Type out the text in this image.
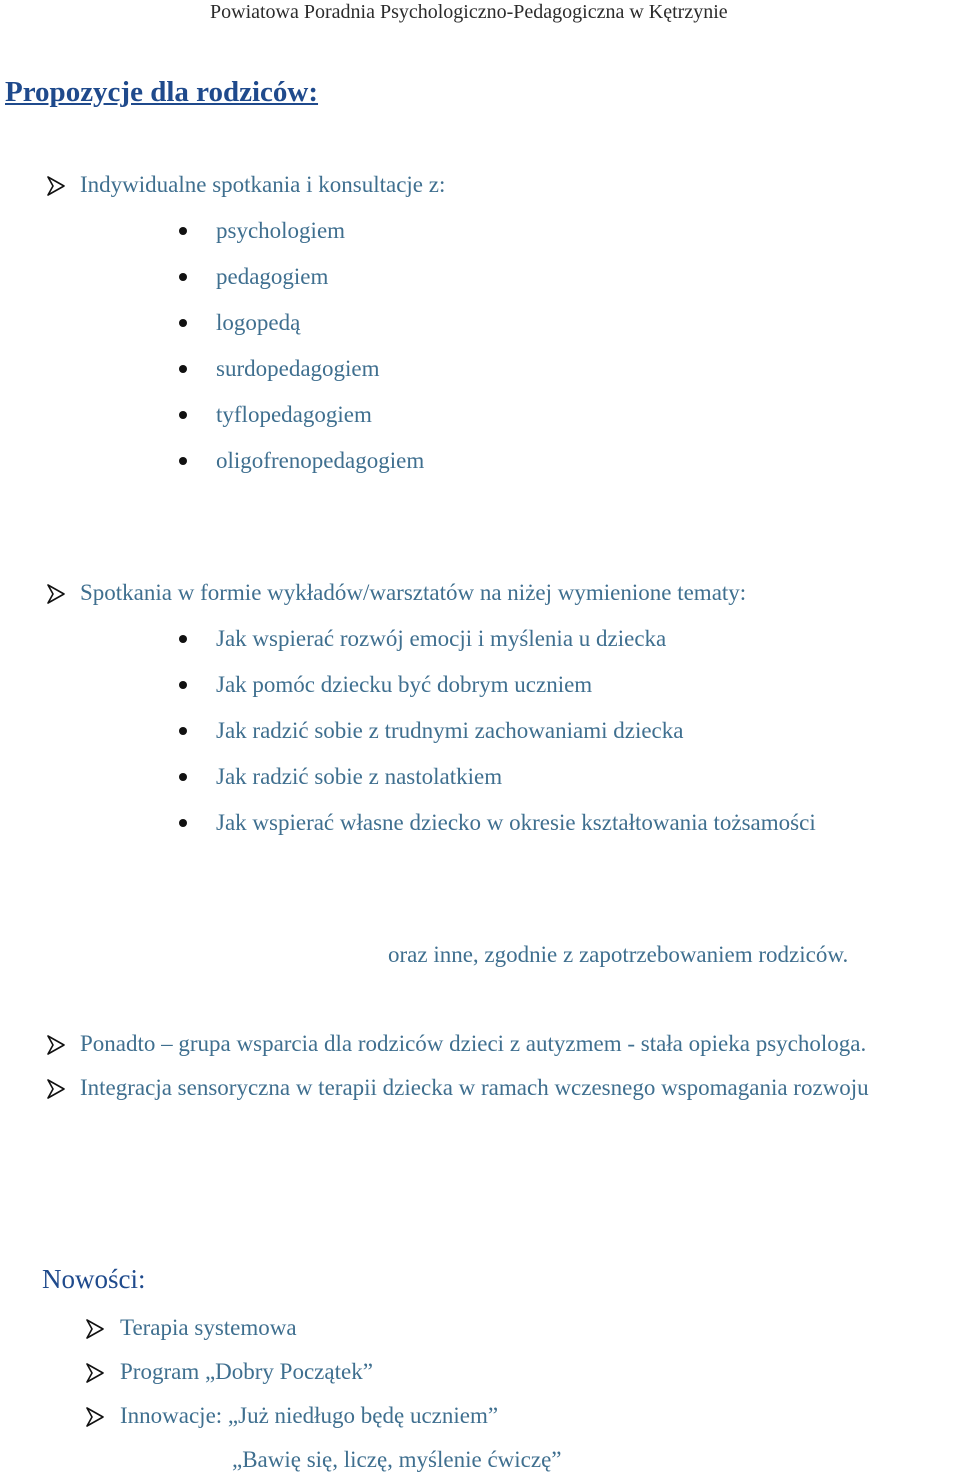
Powiatowa Poradnia Psychologiczno-Pedagogiczna w Kętrzynie
Propozycje dla rodziców:
Indywidualne spotkania i konsultacje z:
psychologiem
pedagogiem
logopedą
surdopedagogiem
tyflopedagogiem
oligofrenopedagogiem
Spotkania w formie wykładów/warsztatów na niżej wymienione tematy:
Jak wspierać rozwój emocji i myślenia u dziecka
Jak pomóc dziecku być dobrym uczniem
Jak radzić sobie z trudnymi zachowaniami dziecka
Jak radzić sobie z nastolatkiem
Jak wspierać własne dziecko w okresie kształtowania tożsamości
oraz inne, zgodnie z zapotrzebowaniem rodziców.
Ponadto – grupa wsparcia dla rodziców dzieci z autyzmem - stała opieka psychologa.
Integracja sensoryczna w terapii dziecka w ramach wczesnego wspomagania rozwoju
Nowości:
Terapia systemowa
Program „Dobry Początek”
Innowacje: „Już niedługo będę uczniem”
„Bawię się, liczę, myślenie ćwiczę”
